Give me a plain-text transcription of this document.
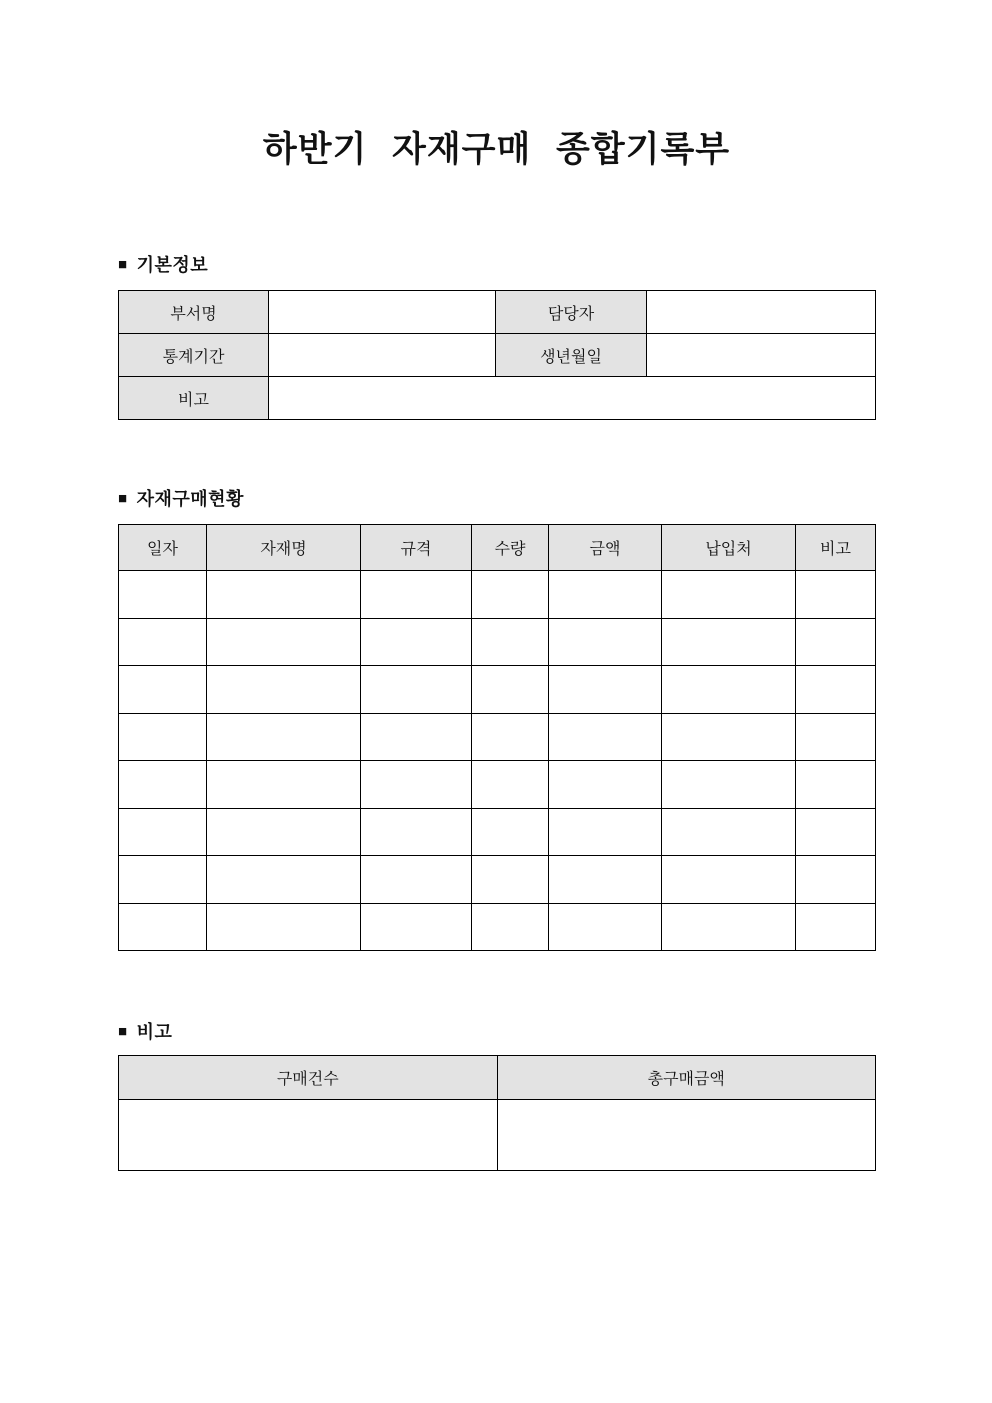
하반기 자재구매 종합기록부
■ 기본정보
부서명		담당자	
통계기간		생년월일	
비고			
■ 자재구매현황
일자	자재명	규격	수량	금액	납입처	비고

■ 비고
구매건수	총구매금액
